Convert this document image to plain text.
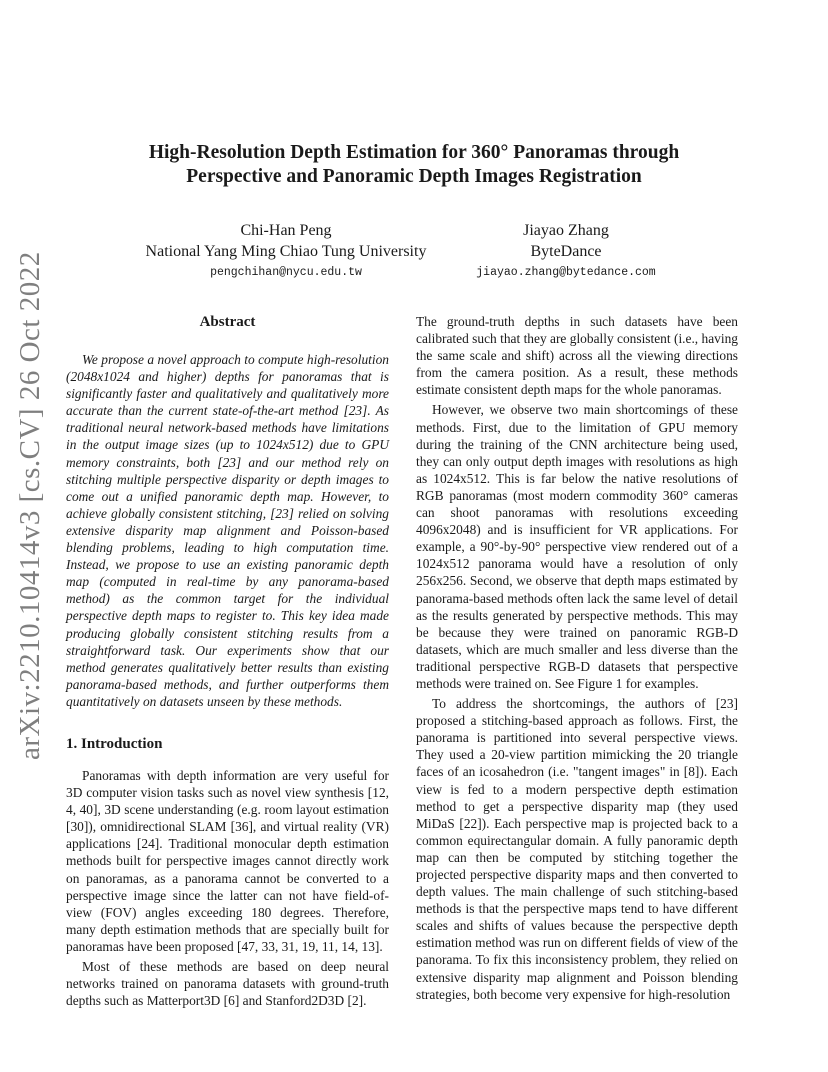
arXiv:2210.10414v3 [cs.CV] 26 Oct 2022
High-Resolution Depth Estimation for 360° Panoramas through
Perspective and Panoramic Depth Images Registration
Chi-Han Peng
National Yang Ming Chiao Tung University
pengchihan@nycu.edu.tw
Jiayao Zhang
ByteDance
jiayao.zhang@bytedance.com
Abstract

We propose a novel approach to compute high-resolution (2048x1024 and higher) depths for panoramas that is significantly faster and qualitatively and qualitatively more accurate than the current state-of-the-art method [23]. As traditional neural network-based methods have limitations in the output image sizes (up to 1024x512) due to GPU memory constraints, both [23] and our method rely on stitching multiple perspective disparity or depth images to come out a unified panoramic depth map. However, to achieve globally consistent stitching, [23] relied on solving extensive disparity map alignment and Poisson-based blending problems, leading to high computation time. Instead, we propose to use an existing panoramic depth map (computed in real-time by any panorama-based method) as the common target for the individual perspective depth maps to register to. This key idea made producing globally consistent stitching results from a straightforward task. Our experiments show that our method generates qualitatively better results than existing panorama-based methods, and further outperforms them quantitatively on datasets unseen by these methods.

1. Introduction

Panoramas with depth information are very useful for 3D computer vision tasks such as novel view synthesis [12, 4, 40], 3D scene understanding (e.g. room layout estimation [30]), omnidirectional SLAM [36], and virtual reality (VR) applications [24]. Traditional monocular depth estimation methods built for perspective images cannot directly work on panoramas, as a panorama cannot be converted to a perspective image since the latter can not have field-of-view (FOV) angles exceeding 180 degrees. Therefore, many depth estimation methods that are specially built for panoramas have been proposed [47, 33, 31, 19, 11, 14, 13].

Most of these methods are based on deep neural networks trained on panorama datasets with ground-truth depths such as Matterport3D [6] and Stanford2D3D [2].

The ground-truth depths in such datasets have been calibrated such that they are globally consistent (i.e., having the same scale and shift) across all the viewing directions from the camera position. As a result, these methods estimate consistent depth maps for the whole panoramas.

However, we observe two main shortcomings of these methods. First, due to the limitation of GPU memory during the training of the CNN architecture being used, they can only output depth images with resolutions as high as 1024x512. This is far below the native resolutions of RGB panoramas (most modern commodity 360° cameras can shoot panoramas with resolutions exceeding 4096x2048) and is insufficient for VR applications. For example, a 90°-by-90° perspective view rendered out of a 1024x512 panorama would have a resolution of only 256x256. Second, we observe that depth maps estimated by panorama-based methods often lack the same level of detail as the results generated by perspective methods. This may be because they were trained on panoramic RGB-D datasets, which are much smaller and less diverse than the traditional perspective RGB-D datasets that perspective methods were trained on. See Figure 1 for examples.

To address the shortcomings, the authors of [23] proposed a stitching-based approach as follows. First, the panorama is partitioned into several perspective views. They used a 20-view partition mimicking the 20 triangle faces of an icosahedron (i.e. "tangent images" in [8]). Each view is fed to a modern perspective depth estimation method to get a perspective disparity map (they used MiDaS [22]). Each perspective map is projected back to a common equirectangular domain. A fully panoramic depth map can then be computed by stitching together the projected perspective disparity maps and then converted to depth values. The main challenge of such stitching-based methods is that the perspective maps tend to have different scales and shifts of values because the perspective depth estimation method was run on different fields of view of the panorama. To fix this inconsistency problem, they relied on extensive disparity map alignment and Poisson blending strategies, both become very expensive for high-resolution
